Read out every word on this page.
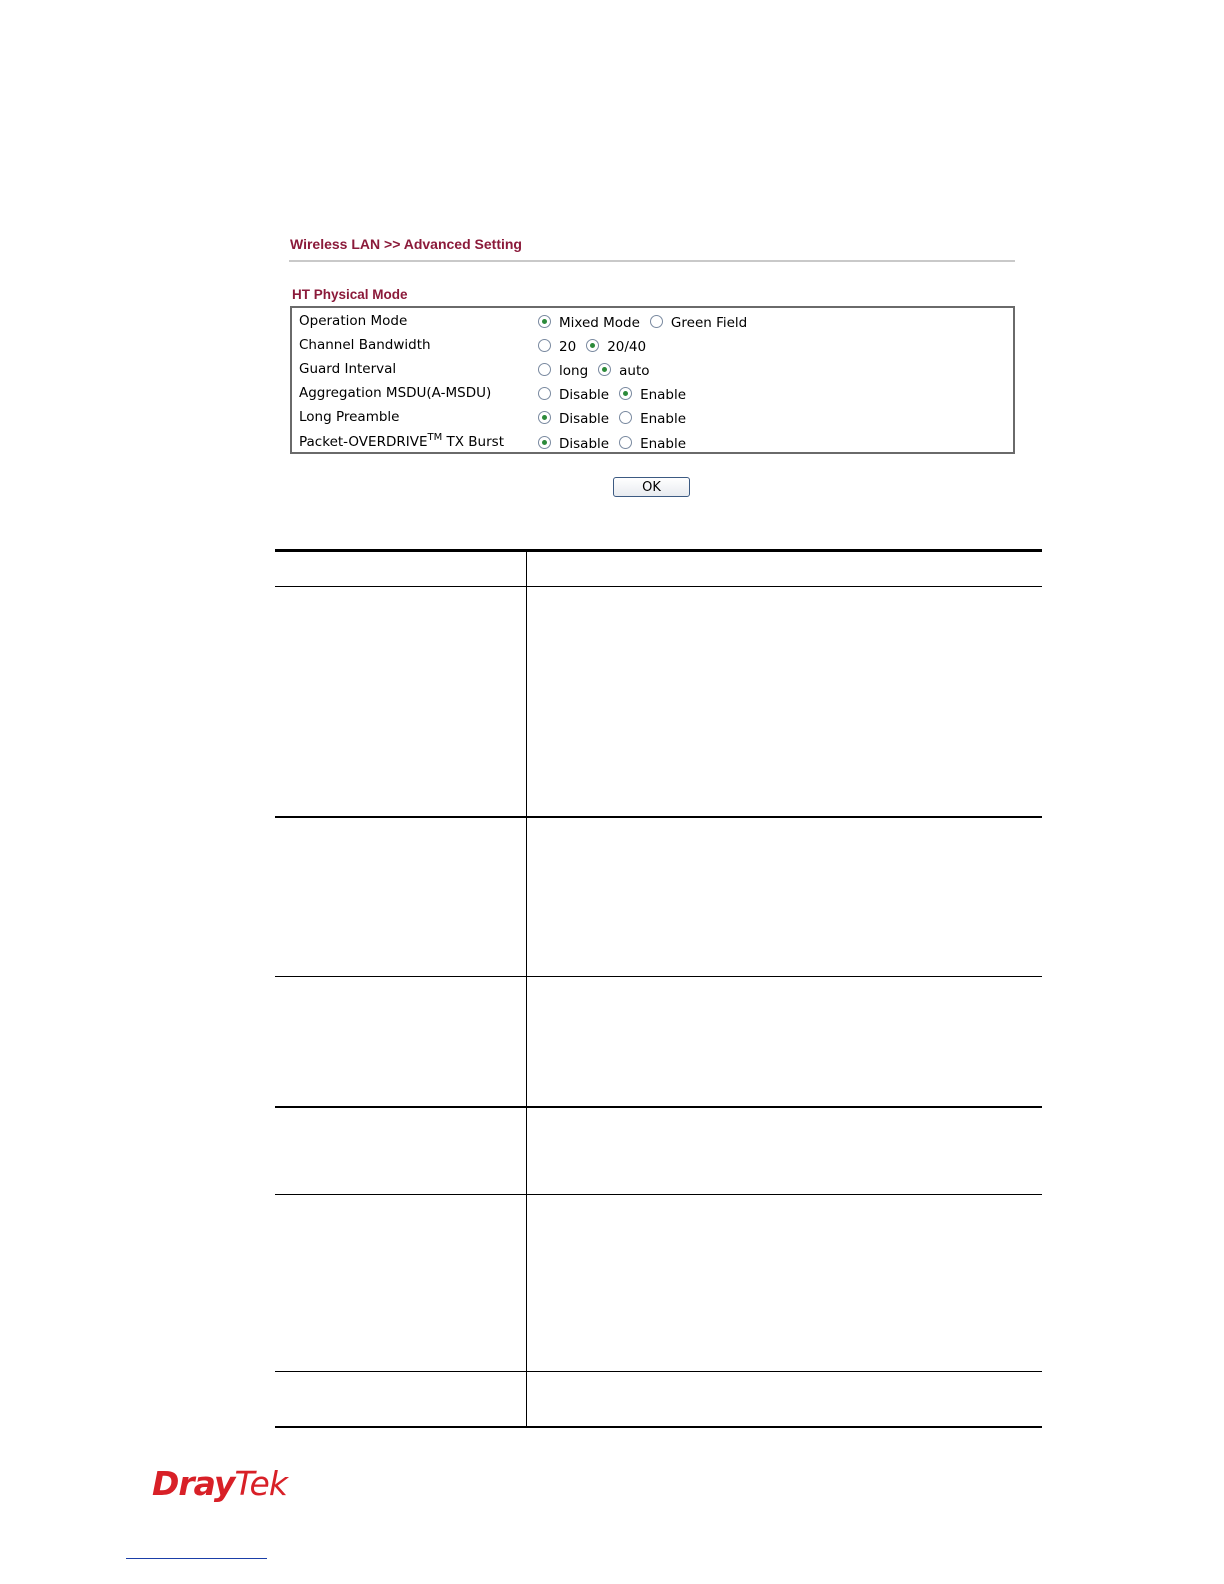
Wireless LAN >> Advanced Setting
HT Physical Mode
Operation Mode	Mixed Mode Green Field
Channel Bandwidth	20 20/40
Guard Interval	long auto
Aggregation MSDU(A-MSDU)	Disable Enable
Long Preamble	Disable Enable
Packet-OVERDRIVE™ TX Burst	Disable Enable
OK
DrayTek
